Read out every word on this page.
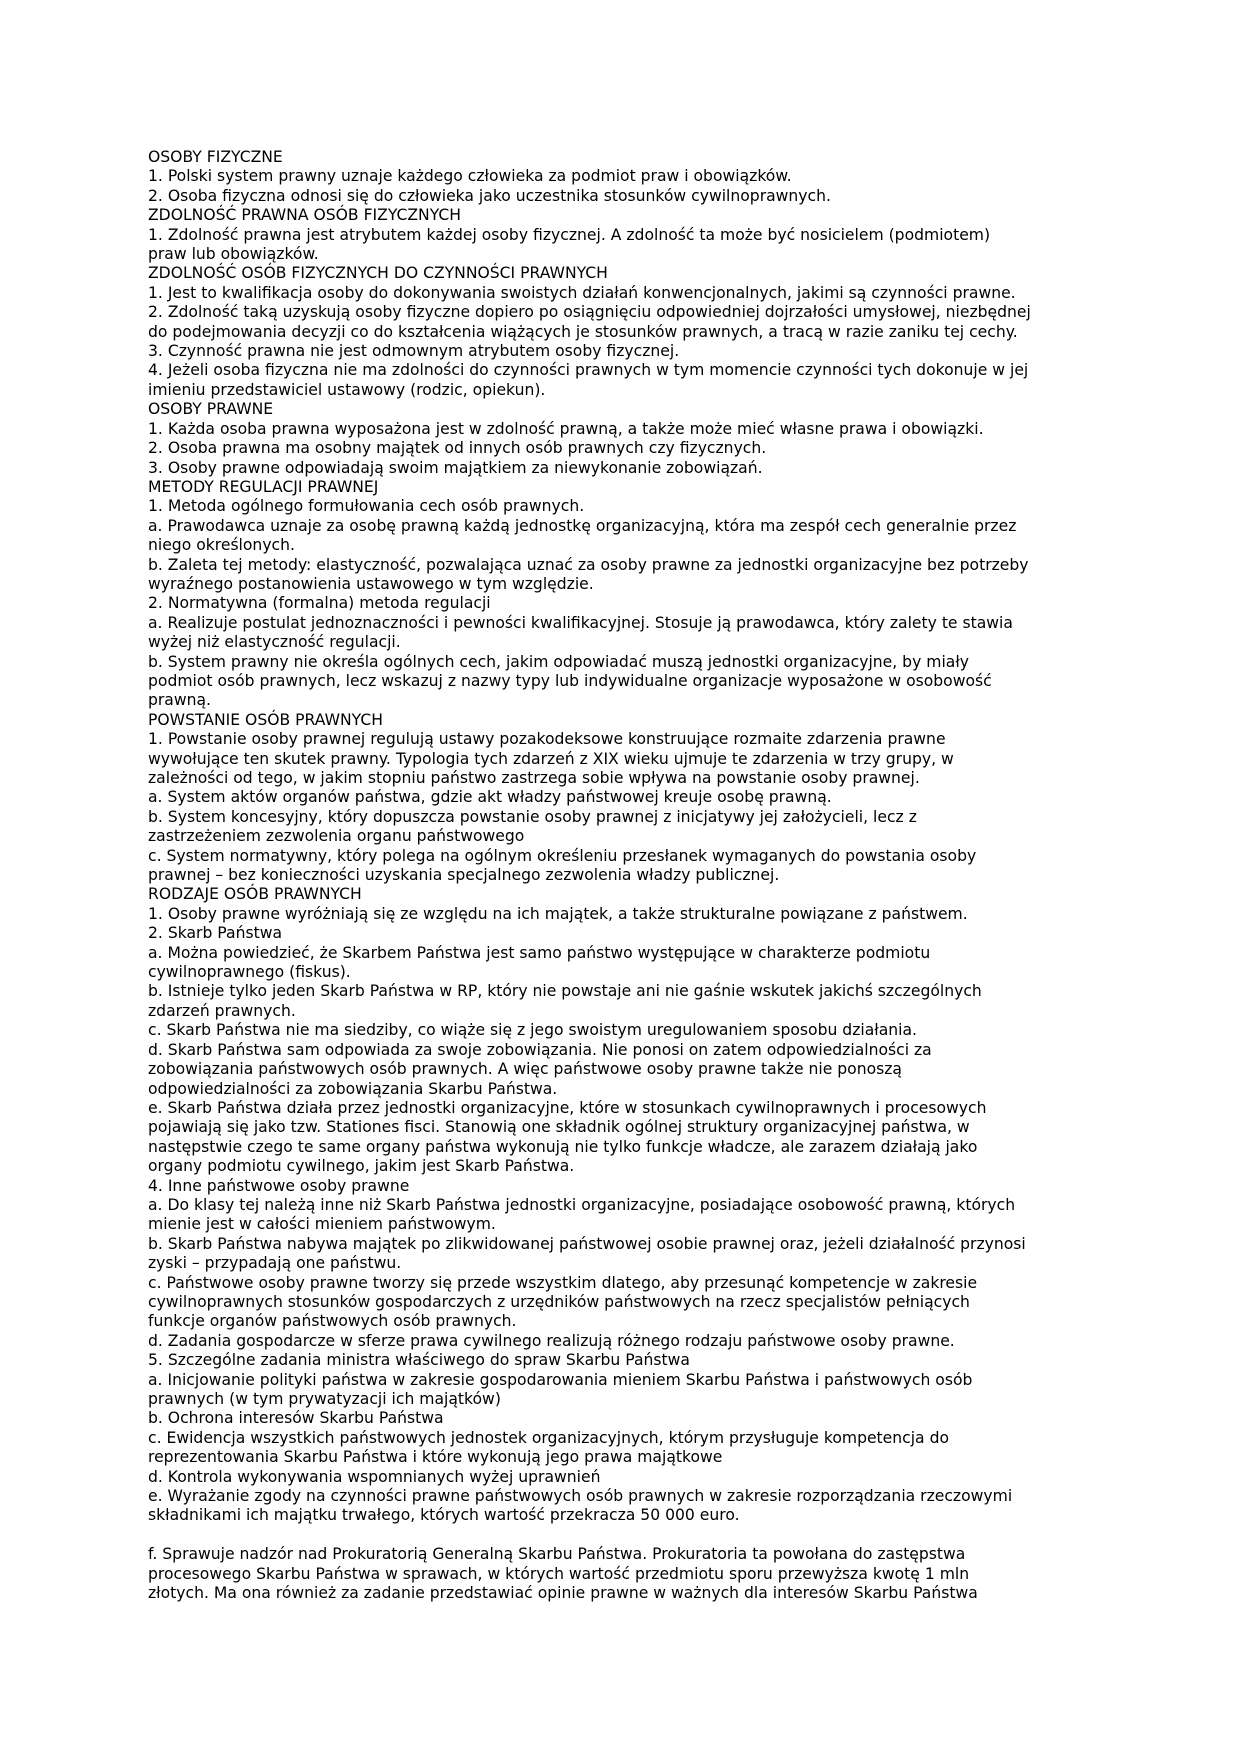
OSOBY FIZYCZNE
1. Polski system prawny uznaje każdego człowieka za podmiot praw i obowiązków.
2. Osoba fizyczna odnosi się do człowieka jako uczestnika stosunków cywilnoprawnych.
ZDOLNOŚĆ PRAWNA OSÓB FIZYCZNYCH
1. Zdolność prawna jest atrybutem każdej osoby fizycznej. A zdolność ta może być nosicielem (podmiotem)
praw lub obowiązków.
ZDOLNOŚĆ OSÓB FIZYCZNYCH DO CZYNNOŚCI PRAWNYCH
1. Jest to kwalifikacja osoby do dokonywania swoistych działań konwencjonalnych, jakimi są czynności prawne.
2. Zdolność taką uzyskują osoby fizyczne dopiero po osiągnięciu odpowiedniej dojrzałości umysłowej, niezbędnej
do podejmowania decyzji co do kształcenia wiążących je stosunków prawnych, a tracą w razie zaniku tej cechy.
3. Czynność prawna nie jest odmownym atrybutem osoby fizycznej.
4. Jeżeli osoba fizyczna nie ma zdolności do czynności prawnych w tym momencie czynności tych dokonuje w jej
imieniu przedstawiciel ustawowy (rodzic, opiekun).
OSOBY PRAWNE
1. Każda osoba prawna wyposażona jest w zdolność prawną, a także może mieć własne prawa i obowiązki.
2. Osoba prawna ma osobny majątek od innych osób prawnych czy fizycznych.
3. Osoby prawne odpowiadają swoim majątkiem za niewykonanie zobowiązań.
METODY REGULACJI PRAWNEJ
1. Metoda ogólnego formułowania cech osób prawnych.
a. Prawodawca uznaje za osobę prawną każdą jednostkę organizacyjną, która ma zespół cech generalnie przez
niego określonych.
b. Zaleta tej metody: elastyczność, pozwalająca uznać za osoby prawne za jednostki organizacyjne bez potrzeby
wyraźnego postanowienia ustawowego w tym względzie.
2. Normatywna (formalna) metoda regulacji
a. Realizuje postulat jednoznaczności i pewności kwalifikacyjnej. Stosuje ją prawodawca, który zalety te stawia
wyżej niż elastyczność regulacji.
b. System prawny nie określa ogólnych cech, jakim odpowiadać muszą jednostki organizacyjne, by miały
podmiot osób prawnych, lecz wskazuj z nazwy typy lub indywidualne organizacje wyposażone w osobowość
prawną.
POWSTANIE OSÓB PRAWNYCH
1. Powstanie osoby prawnej regulują ustawy pozakodeksowe konstruujące rozmaite zdarzenia prawne
wywołujące ten skutek prawny. Typologia tych zdarzeń z XIX wieku ujmuje te zdarzenia w trzy grupy, w
zależności od tego, w jakim stopniu państwo zastrzega sobie wpływa na powstanie osoby prawnej.
a. System aktów organów państwa, gdzie akt władzy państwowej kreuje osobę prawną.
b. System koncesyjny, który dopuszcza powstanie osoby prawnej z inicjatywy jej założycieli, lecz z
zastrzeżeniem zezwolenia organu państwowego
c. System normatywny, który polega na ogólnym określeniu przesłanek wymaganych do powstania osoby
prawnej – bez konieczności uzyskania specjalnego zezwolenia władzy publicznej.
RODZAJE OSÓB PRAWNYCH
1. Osoby prawne wyróżniają się ze względu na ich majątek, a także strukturalne powiązane z państwem.
2. Skarb Państwa
a. Można powiedzieć, że Skarbem Państwa jest samo państwo występujące w charakterze podmiotu
cywilnoprawnego (fiskus).
b. Istnieje tylko jeden Skarb Państwa w RP, który nie powstaje ani nie gaśnie wskutek jakichś szczególnych
zdarzeń prawnych.
c. Skarb Państwa nie ma siedziby, co wiąże się z jego swoistym uregulowaniem sposobu działania.
d. Skarb Państwa sam odpowiada za swoje zobowiązania. Nie ponosi on zatem odpowiedzialności za
zobowiązania państwowych osób prawnych. A więc państwowe osoby prawne także nie ponoszą
odpowiedzialności za zobowiązania Skarbu Państwa.
e. Skarb Państwa działa przez jednostki organizacyjne, które w stosunkach cywilnoprawnych i procesowych
pojawiają się jako tzw. Stationes fisci. Stanowią one składnik ogólnej struktury organizacyjnej państwa, w
następstwie czego te same organy państwa wykonują nie tylko funkcje władcze, ale zarazem działają jako
organy podmiotu cywilnego, jakim jest Skarb Państwa.
4. Inne państwowe osoby prawne
a. Do klasy tej należą inne niż Skarb Państwa jednostki organizacyjne, posiadające osobowość prawną, których
mienie jest w całości mieniem państwowym.
b. Skarb Państwa nabywa majątek po zlikwidowanej państwowej osobie prawnej oraz, jeżeli działalność przynosi
zyski – przypadają one państwu.
c. Państwowe osoby prawne tworzy się przede wszystkim dlatego, aby przesunąć kompetencje w zakresie
cywilnoprawnych stosunków gospodarczych z urzędników państwowych na rzecz specjalistów pełniących
funkcje organów państwowych osób prawnych.
d. Zadania gospodarcze w sferze prawa cywilnego realizują różnego rodzaju państwowe osoby prawne.
5. Szczególne zadania ministra właściwego do spraw Skarbu Państwa
a. Inicjowanie polityki państwa w zakresie gospodarowania mieniem Skarbu Państwa i państwowych osób
prawnych (w tym prywatyzacji ich majątków)
b. Ochrona interesów Skarbu Państwa
c. Ewidencja wszystkich państwowych jednostek organizacyjnych, którym przysługuje kompetencja do
reprezentowania Skarbu Państwa i które wykonują jego prawa majątkowe
d. Kontrola wykonywania wspomnianych wyżej uprawnień
e. Wyrażanie zgody na czynności prawne państwowych osób prawnych w zakresie rozporządzania rzeczowymi
składnikami ich majątku trwałego, których wartość przekracza 50 000 euro.
f. Sprawuje nadzór nad Prokuratorią Generalną Skarbu Państwa. Prokuratoria ta powołana do zastępstwa
procesowego Skarbu Państwa w sprawach, w których wartość przedmiotu sporu przewyższa kwotę 1 mln
złotych. Ma ona również za zadanie przedstawiać opinie prawne w ważnych dla interesów Skarbu Państwa
